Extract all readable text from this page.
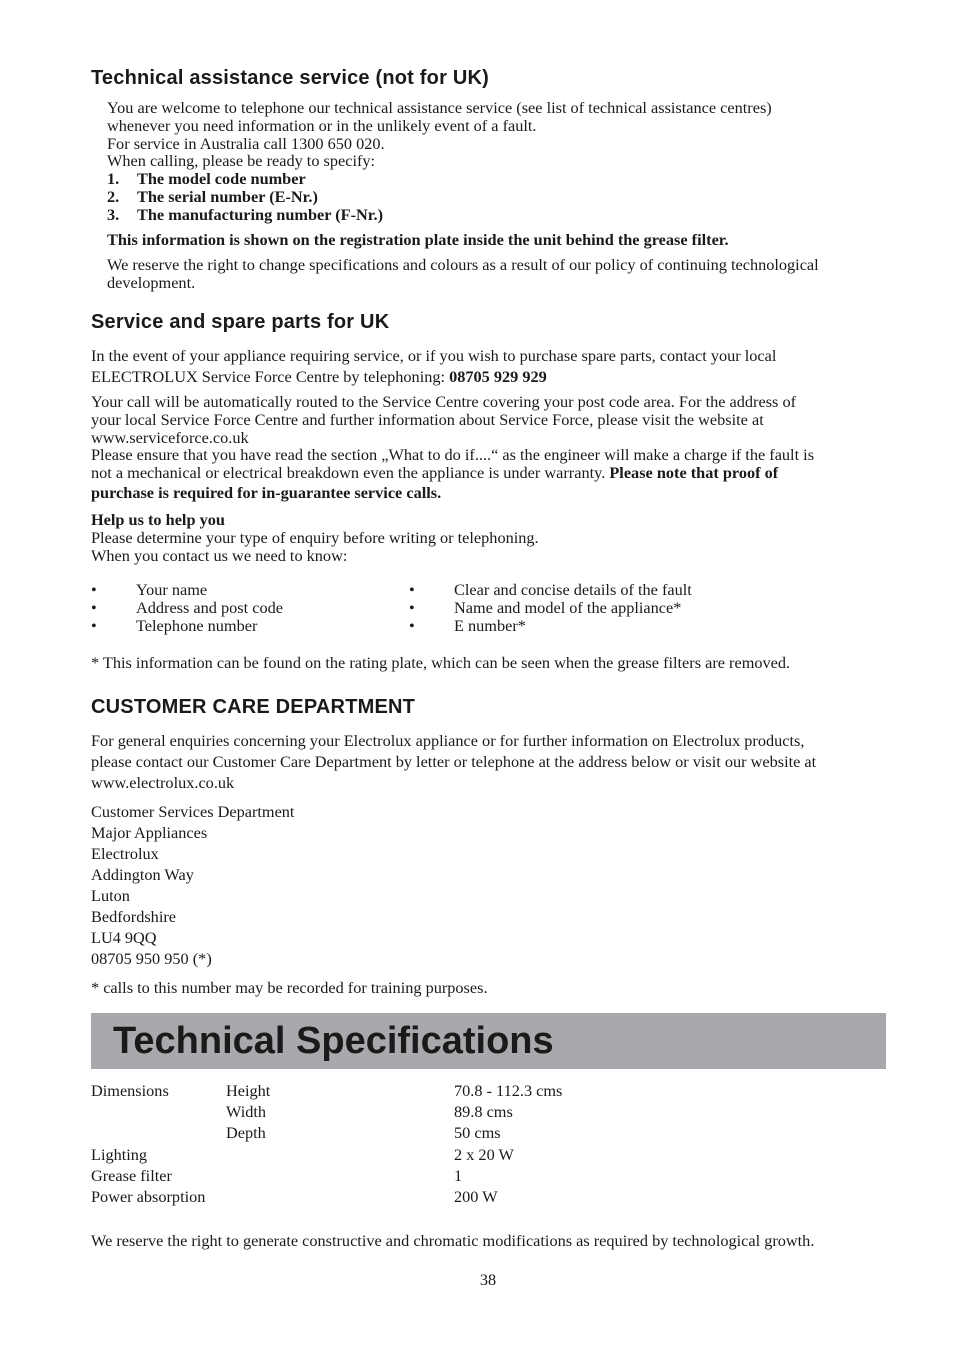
Technical assistance service (not for UK)

You are welcome to telephone our technical assistance service (see list of technical assistance centres)

whenever you need information or in the unlikely event of a fault.

For service in Australia call 1300 650 020.

When calling, please be ready to specify:

1.	The model code number
2.	The serial number (E-Nr.)
3.	The manufacturing number (F-Nr.)

This information is shown on the registration plate inside the unit behind the grease filter.

We reserve the right to change specifications and colours as a result of our policy of continuing technological

development.

Service and spare parts for UK

In the event of your appliance requiring service, or if you wish to purchase spare parts, contact your local

ELECTROLUX Service Force Centre by telephoning: 08705 929 929

Your call will be automatically routed to the Service Centre covering your post code area. For the address of

your local Service Force Centre and further information about Service Force, please visit the website at

www.serviceforce.co.uk

Please ensure that you have read the section „What to do if....“ as the engineer will make a charge if the fault is

not a mechanical or electrical breakdown even the appliance is under warranty. Please note that proof of

purchase is required for in-guarantee service calls.

Help us to help you

Please determine your type of enquiry before writing or telephoning.

When you contact us we need to know:

•	Your name
•	Address and post code
•	Telephone number
•	Clear and concise details of the fault
•	Name and model of the appliance*
•	E number*

* This information can be found on the rating plate, which can be seen when the grease filters are removed.

CUSTOMER CARE DEPARTMENT

For general enquiries concerning your Electrolux appliance or for further information on Electrolux products,

please contact our Customer Care Department by letter or telephone at the address below or visit our website at

www.electrolux.co.uk

Customer Services Department

Major Appliances

Electrolux

Addington Way

Luton

Bedfordshire

LU4 9QQ

08705 950 950 (*)

* calls to this number may be recorded for training purposes.

Technical Specifications
Dimensions	Height	70.8 - 112.3 cms
	Width	89.8 cms
	Depth	50 cms
Lighting		2 x 20 W
Grease filter		1
Power absorption		200 W

We reserve the right to generate constructive and chromatic modifications as required by technological growth.

38
